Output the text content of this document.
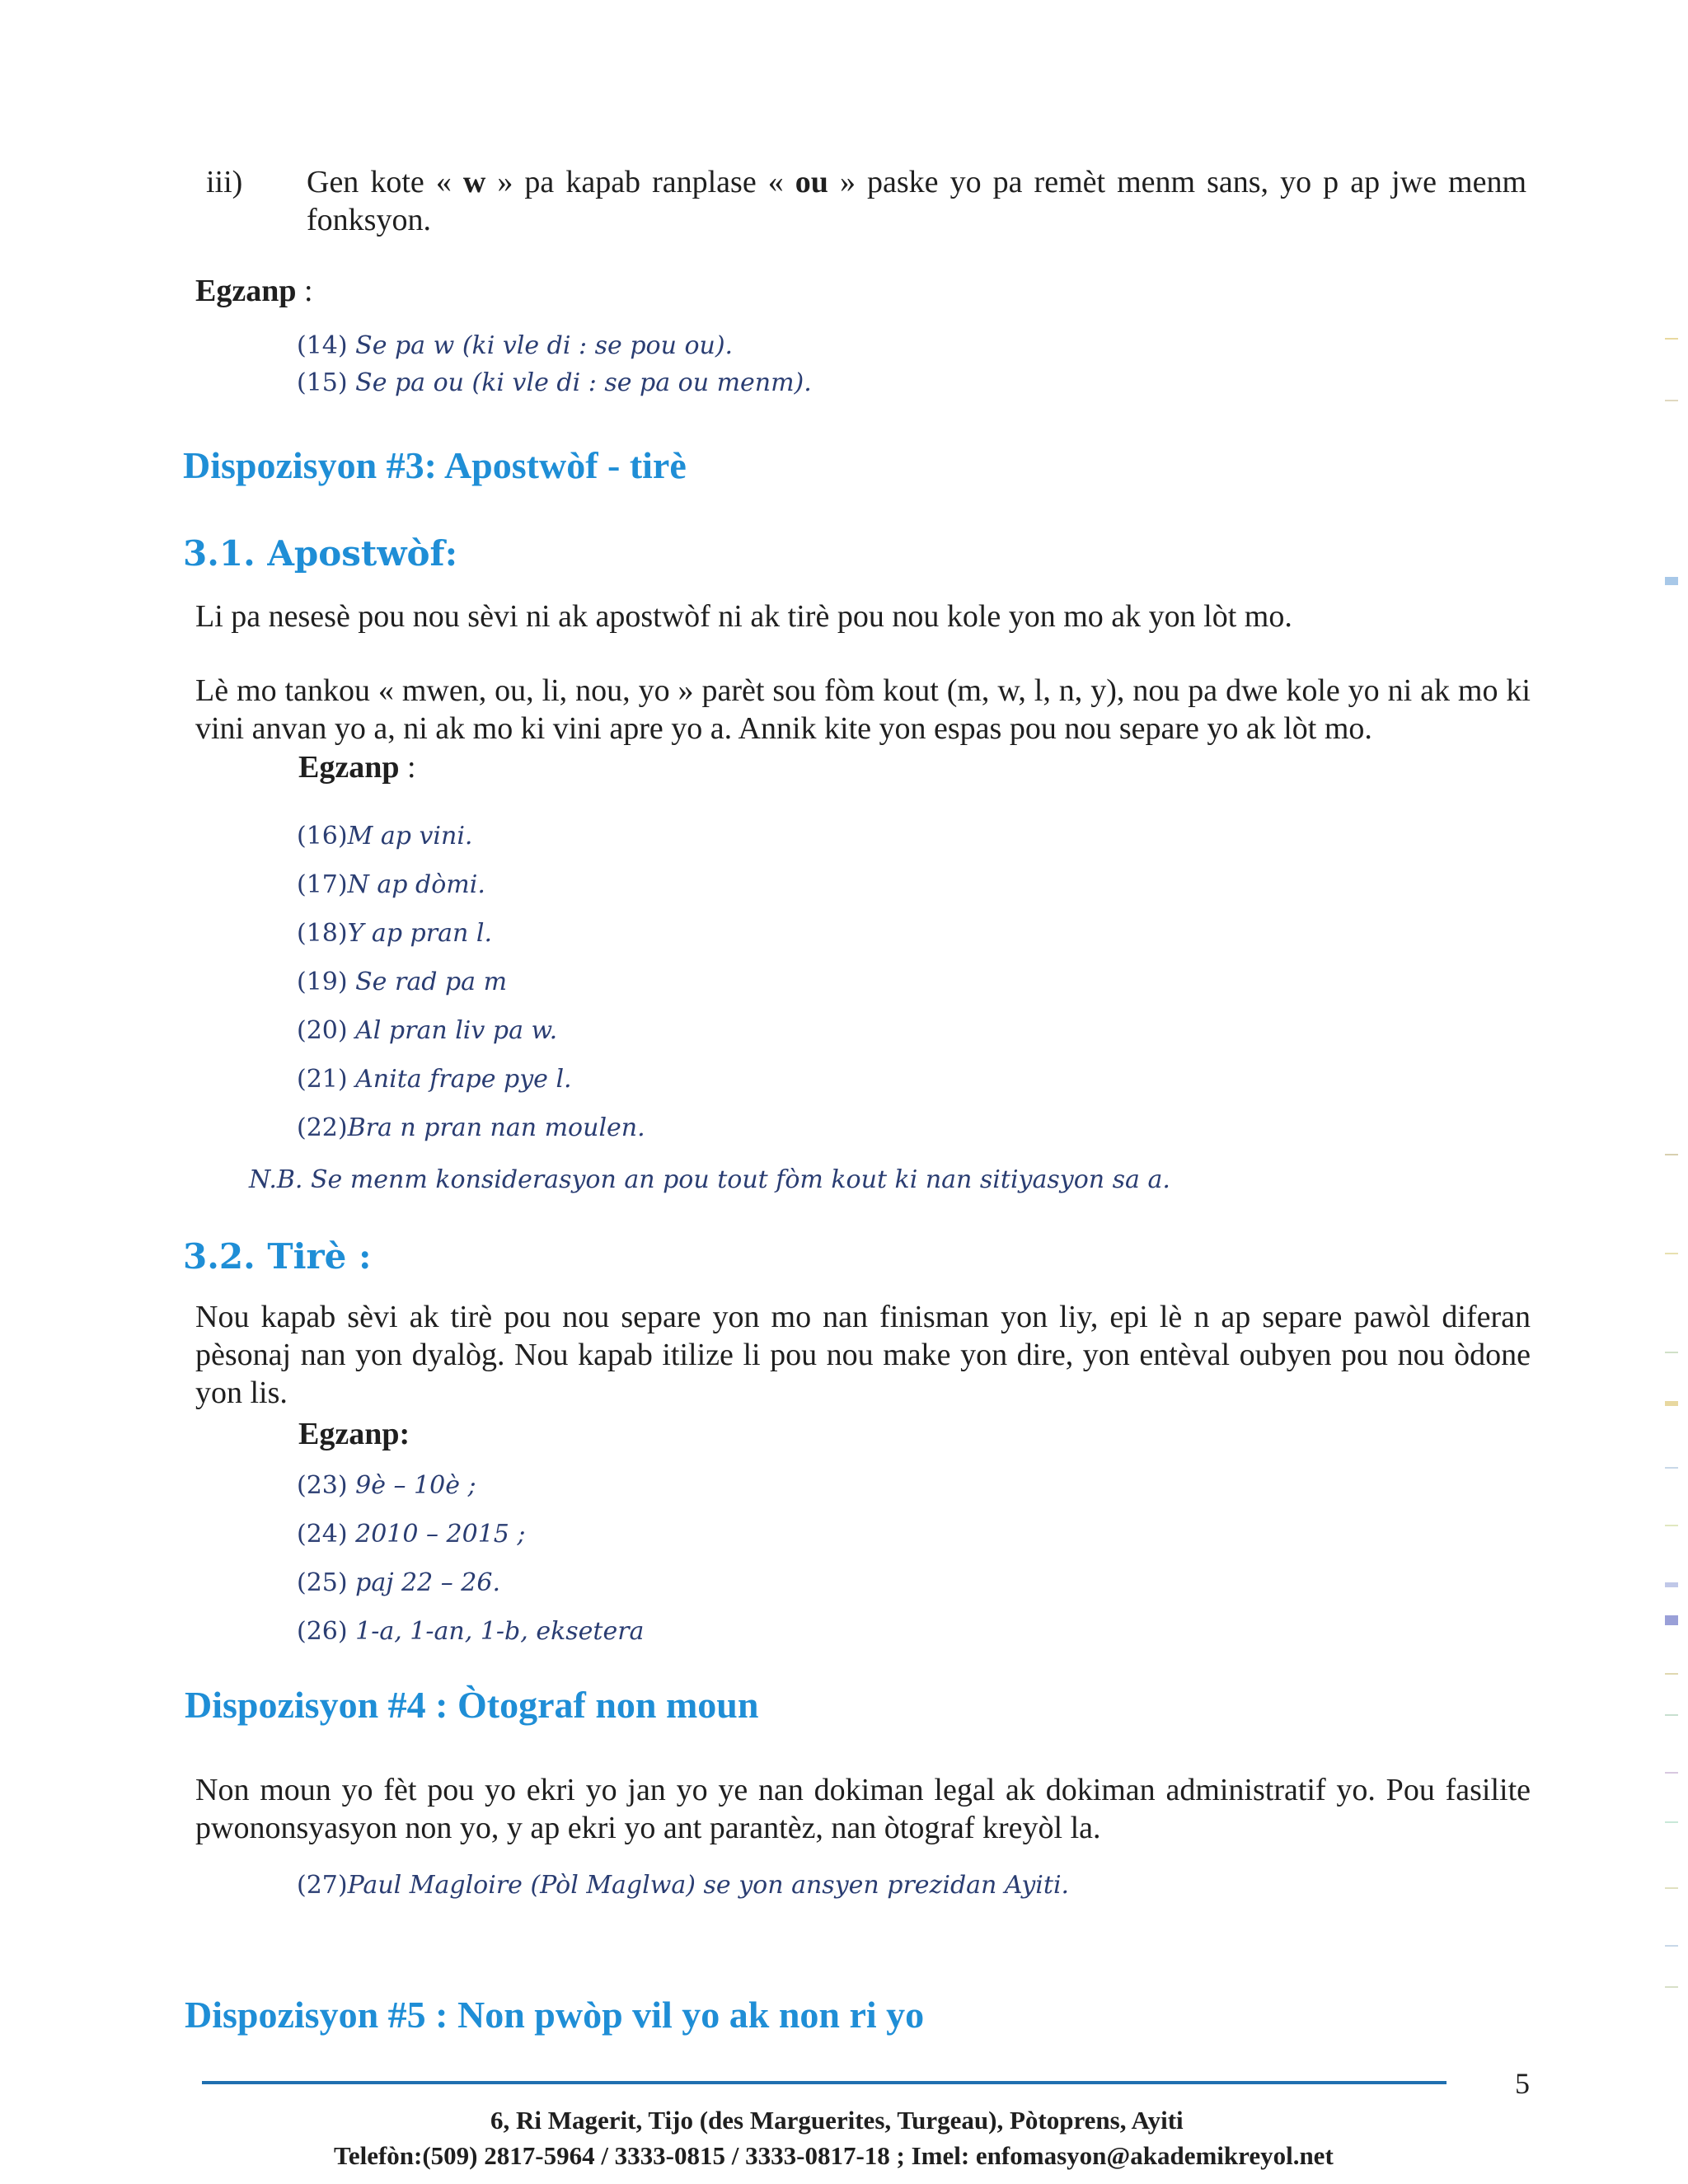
iii) Gen kote « w » pa kapab ranplase « ou » paske yo pa remèt menm sans, yo p ap jwe menm fonksyon.
Egzanp :
(14) Se pa w (ki vle di : se pou ou).
(15) Se pa ou (ki vle di : se pa ou menm).
Dispozisyon #3: Apostwòf - tirè
3.1. Apostwòf:
Li pa nesesè pou nou sèvi ni ak apostwòf ni ak tirè pou nou kole yon mo ak yon lòt mo.
Lè mo tankou « mwen, ou, li, nou, yo » parèt sou fòm kout (m, w, l, n, y), nou pa dwe kole yo ni ak mo ki vini anvan yo a, ni ak mo ki vini apre yo a. Annik kite yon espas pou nou separe yo ak lòt mo.
Egzanp :
(16)M ap vini.
(17)N ap dòmi.
(18)Y ap pran l.
(19) Se rad pa m
(20) Al pran liv pa w.
(21) Anita frape pye l.
(22)Bra n pran nan moulen.
N.B. Se menm konsiderasyon an pou tout fòm kout ki nan sitiyasyon sa a.
3.2. Tirè :
Nou kapab sèvi ak tirè pou nou separe yon mo nan finisman yon liy, epi lè n ap separe pawòl diferan pèsonaj nan yon dyalòg. Nou kapab itilize li pou nou make yon dire, yon entèval oubyen pou nou òdone yon lis.
Egzanp:
(23) 9è – 10è ;
(24) 2010 – 2015 ;
(25) paj 22 – 26.
(26) 1-a, 1-an, 1-b, eksetera
Dispozisyon #4 : Òtograf non moun
Non moun yo fèt pou yo ekri yo jan yo ye nan dokiman legal ak dokiman administratif yo. Pou fasilite pwononsyasyon non yo, y ap ekri yo ant parantèz, nan òtograf kreyòl la.
(27)Paul Magloire (Pòl Maglwa) se yon ansyen prezidan Ayiti.
Dispozisyon #5 : Non pwòp vil yo ak non ri yo
5
6, Ri Magerit, Tijo (des Marguerites, Turgeau), Pòtoprens, Ayiti
Telefòn:(509) 2817-5964 / 3333-0815 / 3333-0817-18 ; Imel: enfomasyon@akademikreyol.net
